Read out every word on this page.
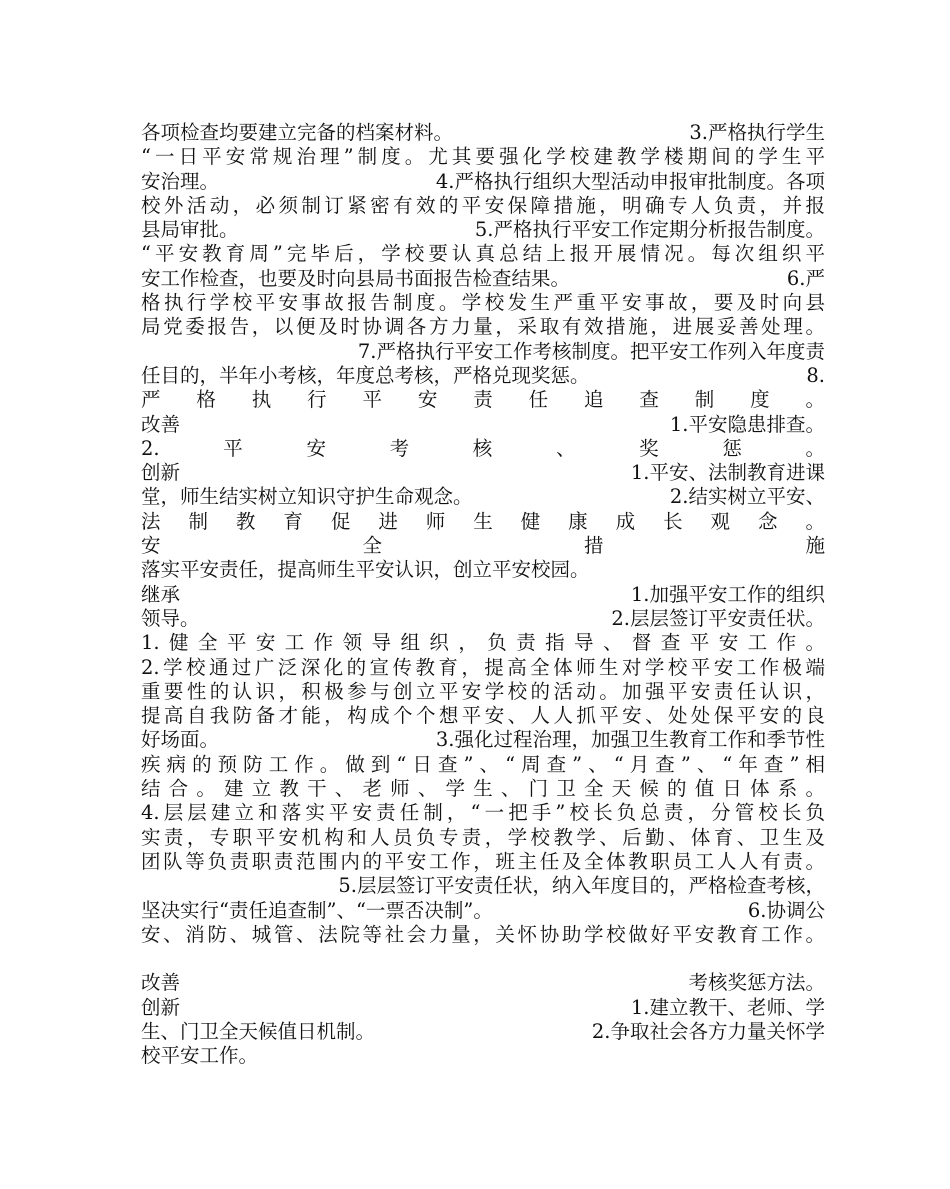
各项检查均要建立完备的档案材料。	3.严格执行学生
“一日平安常规治理”制度。尤其要强化学校建教学楼期间的学生平
安治理。	4.严格执行组织大型活动申报审批制度。各项
校外活动，必须制订紧密有效的平安保障措施，明确专人负责，并报
县局审批。	5.严格执行平安工作定期分析报告制度。
“平安教育周”完毕后，学校要认真总结上报开展情况。每次组织平
安工作检查，也要及时向县局书面报告检查结果。	6.严
格执行学校平安事故报告制度。学校发生严重平安事故，要及时向县
局党委报告，以便及时协调各方力量，采取有效措施，进展妥善处理。
7.严格执行平安工作考核制度。把平安工作列入年度责
任目的，半年小考核，年度总考核，严格兑现奖惩。	8.
严格执行平安责任追查制度。
改善	1.平安隐患排查。
2.平安考核、奖惩。
创新	1.平安、法制教育进课
堂，师生结实树立知识守护生命观念。	2.结实树立平安、
法制教育促进师生健康成长观念。
安全措施
落实平安责任，提高师生平安认识，创立平安校园。
继承	1.加强平安工作的组织
领导。	2.层层签订平安责任状。
1.健全平安工作领导组织，负责指导、督查平安工作。
2.学校通过广泛深化的宣传教育，提高全体师生对学校平安工作极端
重要性的认识，积极参与创立平安学校的活动。加强平安责任认识，
提高自我防备才能，构成个个想平安、人人抓平安、处处保平安的良
好场面。	3.强化过程治理，加强卫生教育工作和季节性
疾病的预防工作。做到“日查”、“周查”、“月查”、“年查”相
结合。建立教干、老师、学生、门卫全天候的值日体系。
4.层层建立和落实平安责任制，“一把手”校长负总责，分管校长负
实责，专职平安机构和人员负专责，学校教学、后勤、体育、卫生及
团队等负责职责范围内的平安工作，班主任及全体教职员工人人有责。
5.层层签订平安责任状，纳入年度目的，严格检查考核，
坚决实行“责任追查制”、“一票否决制”。	6.协调公
安、消防、城管、法院等社会力量，关怀协助学校做好平安教育工作。
改善	考核奖惩方法。
创新	1.建立教干、老师、学
生、门卫全天候值日机制。	2.争取社会各方力量关怀学
校平安工作。
